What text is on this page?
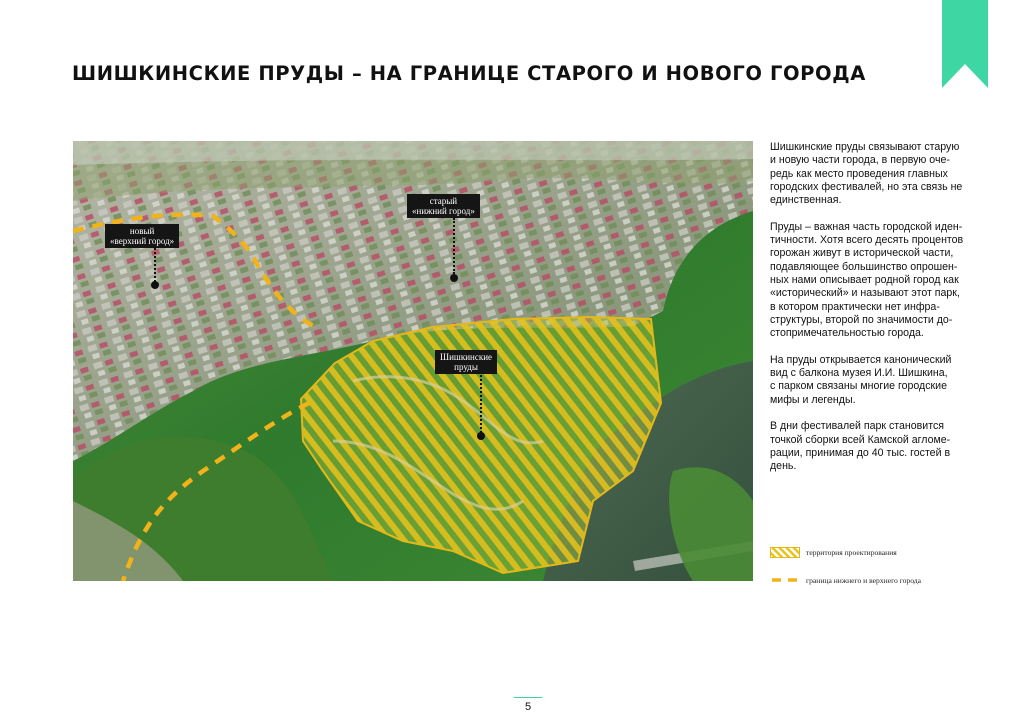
ШИШКИНСКИЕ ПРУДЫ – НА ГРАНИЦЕ СТАРОГО И НОВОГО ГОРОДА
новый
«верхний город»
старый
«нижний город»
Шишкинские
пруды

Шишкинские пруды связывают старую
и новую части города, в первую оче-
редь как место проведения главных
городских фестивалей, но эта связь не
единственная.

Пруды – важная часть городской иден-
тичности. Хотя всего десять процентов
горожан живут в исторической части,
подавляющее большинство опрошен-
ных нами описывает родной город как
«исторический» и называют этот парк,
в котором практически нет инфра-
структуры, второй по значимости до-
стопримечательностью города.

На пруды открывается канонический
вид с балкона музея И.И. Шишкина,
с парком связаны многие городские
мифы и легенды.

В дни фестивалей парк становится
точкой сборки всей Камской агломе-
рации, принимая до 40 тыс. гостей в
день.

территория проектирования
граница нижнего и верхнего города
5
